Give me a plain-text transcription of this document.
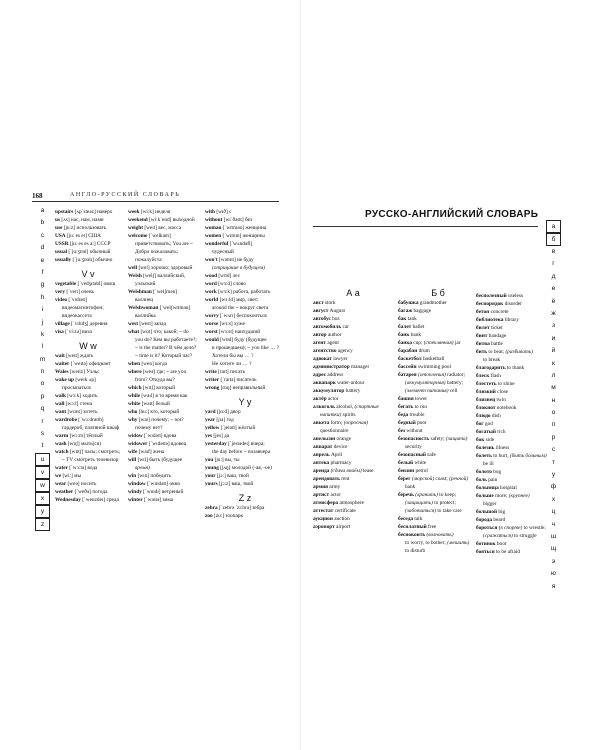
168	АНГЛО-РУССКИЙ СЛОВАРЬ
a
b
c
d
e
f
g
h
i
j
k
l
m
n
o
p
q
r
s
t
u
v
w
x
y
z
upstairs [ʌpˈsteəz] наверх
us [ʌs] нас, нам, нами
use [ju:z] использовать
USA [ju: es eɪ] США
USSR [ju: es es a:] СССР
usual [ˈju:ʒʊəl] обычный
usually [ˈju:ʒʊəlɪ] обычно
V v
vegetable [ˈvedʒɪtəbl] овощ
very [ˈverɪ] очень
video [ˈvɪdɪəʊ]
видеомагнитофон;
видеокассета
village [ˈvɪlɪdʒ] деревня
visa [ˈvi:zə] виза
W w
wait [weɪt] ждать
waiter [ˈweɪtə] официант
Wales [weɪlz] Уэльс
wake up [weɪk ʌp]
просыпаться
walk [wɔ:k] ходить
wall [wɔ:l] стена
want [wɒnt] хотеть
wardrobe [ˈwɔ:drəʊb]
гардероб, платяной шкаф
warm [wɔ:m] тёплый
wash [wɒʃ] мыть(ся)
watch [wɒtʃ] часы; смотреть;
~ TV смотреть телевизор
water [ˈwɔ:tə] вода
we [wi:] мы
wear [weə] носить
weather [ˈweðə] погода
Wednesday [ˈwenzdeɪ] среда
week [wi:k] неделя
weekend [wi:kˈend] выходной
weight [weɪt] вес, масса
welcome [ˈwelkəm]
приветствовать; You are ~
Добро пожаловать;
пожалуйста
well [wel] хорошо; здоровый
Welsh [welʃ] валлийский,
уэльский
Welshman [ˈwelʃmən]
валлиец
Welshwoman [ˈwelʃwʊmən]
валлийка
west [west] запад
what [wɒt] что; какой; ~ do
you do? Кем вы работаете?;
~ is the matter? В чём дело?
~ time is it? Который час?
when [wen] когда
where [weə] где; ~ are you
from? Откуда вы?
which [wɪtʃ] который
while [waɪl] в то время как
white [waɪt] белый
who [hu:] кто, который
why [waɪ] почему; ~ not?
почему нет?
widow [ˈwɪdəʊ] вдова
widower [ˈwɪdəʊə] вдовец
wife [waɪf] жена
will [wɪl] быть (будущее
время)
win [wɪn] победить
window [ˈwɪndəʊ] окно
windy [ˈwɪndɪ] ветреный
winter [ˈwɪntə] зима
with [wɪð] с
without [wɪˈðaʊt] без
woman [ˈwʊmən] женщина
women [ˈwɪmɪn] женщины
wonderful [ˈwʌndəfl]
чудесный
won't [wəʊnt] не буду
(отрицание в будущем)
wood [wʊd] лес
word [wɜ:d] слово
work [wɜ:k] работа, работать
world [wɜ:ld] мир, свет;
around the ~ вокруг света
worry [ˈwʌrɪ] беспокоиться
worse [wɜ:s] хуже
worst [wɜ:st] наихудший
would [wʊd] буду (будущее
в прошедшем); ~ you like … ?
Хотели бы вы … ?
Не хотите ли … ?
write [raɪt] писать
writer [ˈraɪtə] писатель
wrong [rɒŋ] неправильный
Y y
yard [jɑ:d] двор
year [jɪə] год
yellow [ˈjeləʊ] жёлтый
yes [jes] да
yesterday [ˈjestədeɪ] вчера;
the day before ~ позавчера
you [ju:] вы, ты
young [jʌŋ] молодой (-ая, -ое)
your [jɔ:] ваш, твой
yours [jɔ:z] ваш, твой
Z z
zebra [ˈzebrə ˈzi:brə] зебра
zoo [zu:] зоопарк
РУССКО-АНГЛИЙСКИЙ СЛОВАРЬ
а
б
в
г
д
е
ё
ж
з
и
й
к
л
м
н
о
п
р
с
т
у
ф
х
ц
ч
ш
щ
э
ю
я
А а
aист stork
август August
автобус bus
автомобиль car
автор author
агент agent
агентство agency
адвокат lawyer
администратор manager
адрес address
аквапарк water-ardour
аккумулятор battery
актёр actor
алкоголь alcohol, (спиртные
напитки) spirits
анкета form; (опросная)
questionnaire
апельсин orange
аппарат device
апрель April
аптека pharmacy
аренда (сдача внаём) lease
арендовать rent
армия army
артист actor
атмосфера atmosphere
аттестат certificate
аукцион auction
аэропорт airport
Б б
бабушка grandmother
багаж baggage
бак tank
балет ballet
банк bank
банка cup; (стеклянная) jar
барабан drum
баскетбол basketball
бассейн swimming pool
батарея (отопления) radiator;
(аккумуляторная) battery;
(элемент питания) cell
башня tower
бегать to run
беда trouble
бедный poor
без without
безопасность safety; (защита)
security
безопасный safe
белый white
бензин petrol
берег (морской) coast; (речной)
bank
беречь (хранить) to keep;
(защищать) to protect;
(заботиться) to take care
беседа talk
бесплатный free
беспокоить (волновать)
to worry, to bother; (мешать)
to disturb
бесполезный useless
беспорядок disorder
бетон concrete
библиотека library
билет ticket
бинт bandage
битва battle
бить to beat; (разбивать)
to break
благодарить to thank
блеск flash
блестеть to shine
близкий close
близнец twin
блокнот notebook
блюдо dish
бог god
богатый rich
бок side
болезнь illness
болеть to hurt, (быть больным)
be ill
болото bog
боль pain
больница hospital
больше more; (крупнее)
bigger
большой big
борода beard
бороться (в спорте) to wrestle;
(сражаться) to struggle
ботинок boot
бояться to be afraid
